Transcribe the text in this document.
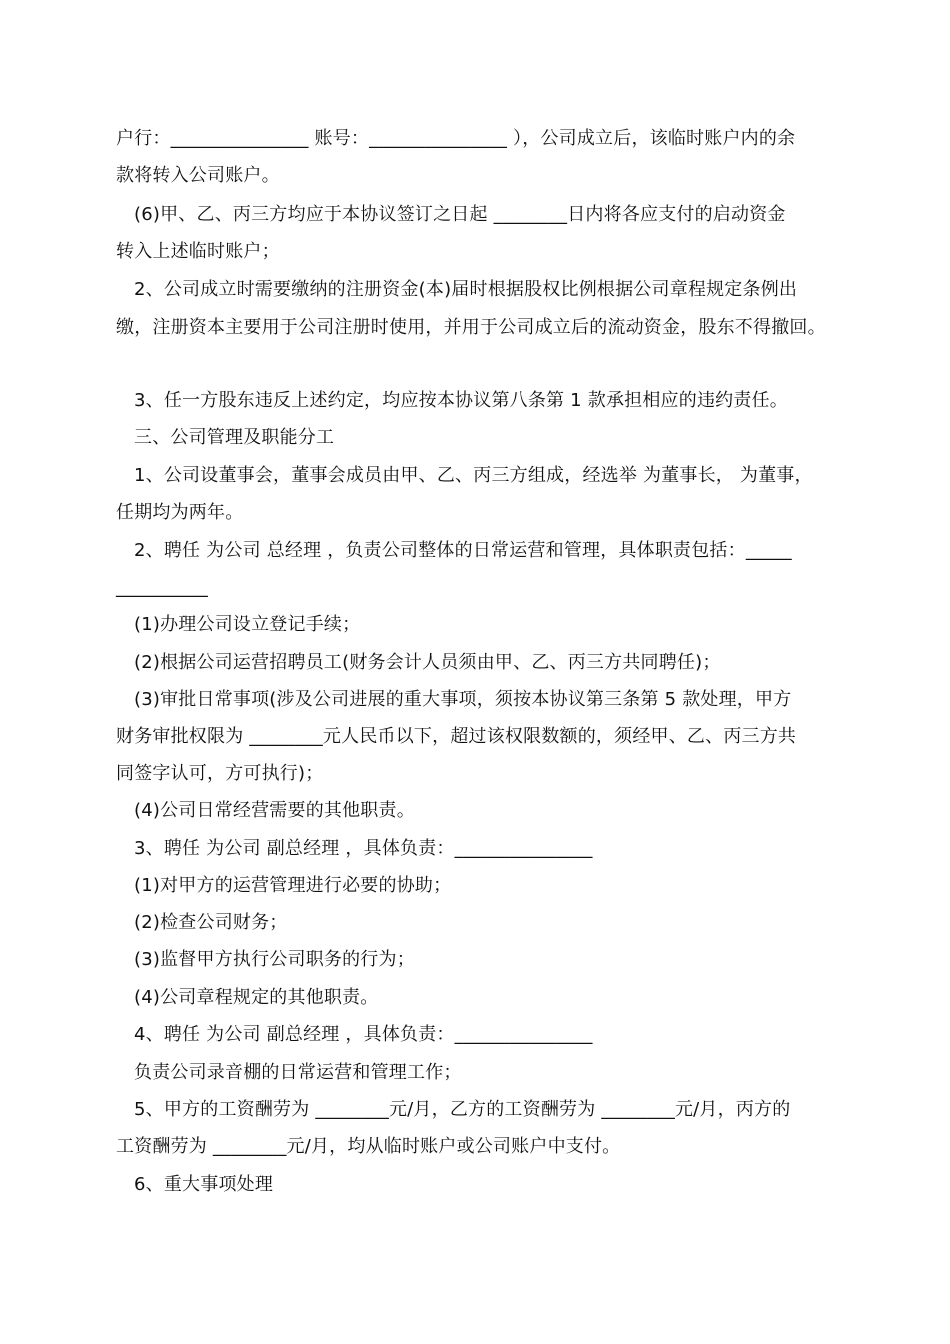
户行：_______________ 账号：_______________ ），公司成立后，该临时账户内的余
款将转入公司账户。
(6)甲、乙、丙三方均应于本协议签订之日起 ________日内将各应支付的启动资金
转入上述临时账户；
2、公司成立时需要缴纳的注册资金(本)届时根据股权比例根据公司章程规定条例出
缴，注册资本主要用于公司注册时使用，并用于公司成立后的流动资金，股东不得撤回。
3、任一方股东违反上述约定，均应按本协议第八条第 1 款承担相应的违约责任。
三、公司管理及职能分工
1、公司设董事会，董事会成员由甲、乙、丙三方组成，经选举 为董事长， 为董事，
任期均为两年。
2、聘任 为公司 总经理 ，负责公司整体的日常运营和管理，具体职责包括：_____
__________
(1)办理公司设立登记手续；
(2)根据公司运营招聘员工(财务会计人员须由甲、乙、丙三方共同聘任)；
(3)审批日常事项(涉及公司进展的重大事项，须按本协议第三条第 5 款处理，甲方
财务审批权限为 ________元人民币以下，超过该权限数额的，须经甲、乙、丙三方共
同签字认可，方可执行)；
(4)公司日常经营需要的其他职责。
3、聘任 为公司 副总经理 ，具体负责：_______________
(1)对甲方的运营管理进行必要的协助；
(2)检查公司财务；
(3)监督甲方执行公司职务的行为；
(4)公司章程规定的其他职责。
4、聘任 为公司 副总经理 ，具体负责：_______________
负责公司录音棚的日常运营和管理工作；
5、甲方的工资酬劳为 ________元/月，乙方的工资酬劳为 ________元/月，丙方的
工资酬劳为 ________元/月，均从临时账户或公司账户中支付。
6、重大事项处理
